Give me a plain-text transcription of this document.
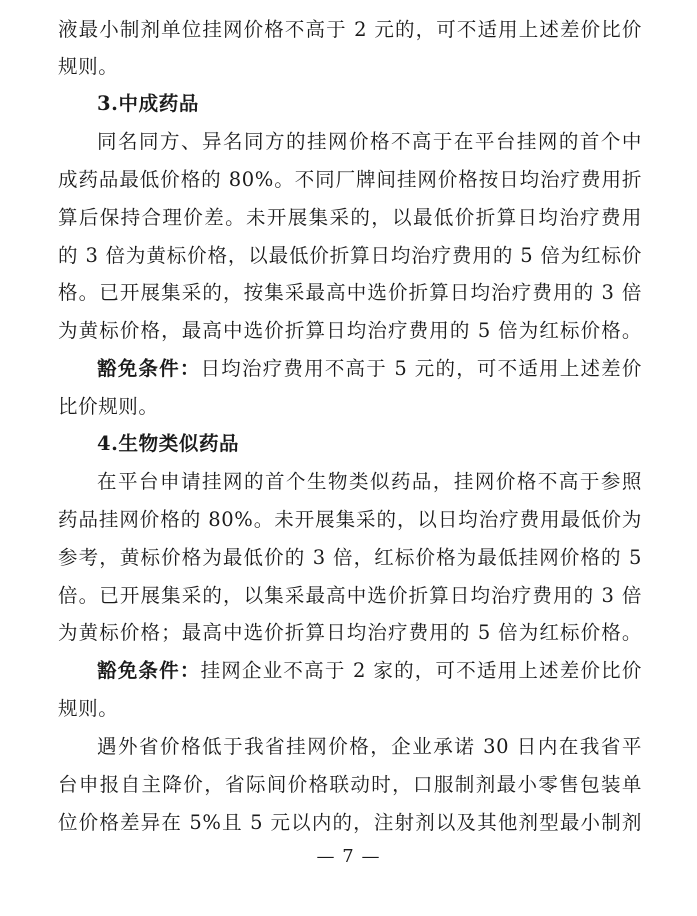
液最小制剂单位挂网价格不高于 2 元的，可不适用上述差价比价
规则。
3.中成药品
同名同方、异名同方的挂网价格不高于在平台挂网的首个中
成药品最低价格的 80%。不同厂牌间挂网价格按日均治疗费用折
算后保持合理价差。未开展集采的，以最低价折算日均治疗费用
的 3 倍为黄标价格，以最低价折算日均治疗费用的 5 倍为红标价
格。已开展集采的，按集采最高中选价折算日均治疗费用的 3 倍
为黄标价格，最高中选价折算日均治疗费用的 5 倍为红标价格。
豁免条件：日均治疗费用不高于 5 元的，可不适用上述差价
比价规则。
4.生物类似药品
在平台申请挂网的首个生物类似药品，挂网价格不高于参照
药品挂网价格的 80%。未开展集采的，以日均治疗费用最低价为
参考，黄标价格为最低价的 3 倍，红标价格为最低挂网价格的 5
倍。已开展集采的，以集采最高中选价折算日均治疗费用的 3 倍
为黄标价格；最高中选价折算日均治疗费用的 5 倍为红标价格。
豁免条件：挂网企业不高于 2 家的，可不适用上述差价比价
规则。
遇外省价格低于我省挂网价格，企业承诺 30 日内在我省平
台申报自主降价，省际间价格联动时，口服制剂最小零售包装单
位价格差异在 5%且 5 元以内的，注射剂以及其他剂型最小制剂
— 7 —
